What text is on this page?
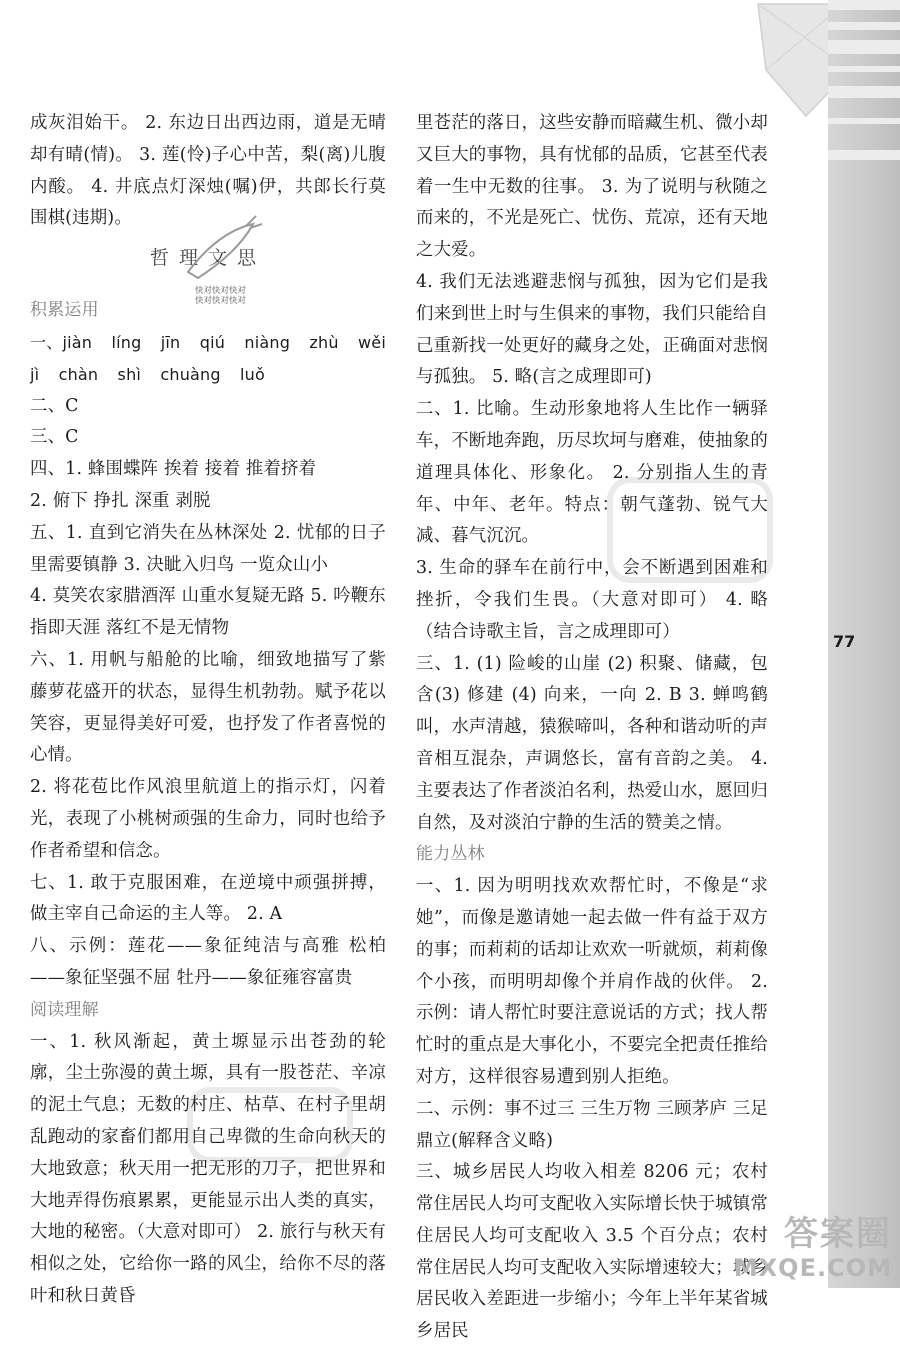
77

成灰泪始干。 2. 东边日出西边雨，道是无晴却有晴(情)。 3. 莲(怜)子心中苦，梨(离)儿腹内酸。 4. 井底点灯深烛(嘱)伊，共郎长行莫围棋(违期)。

哲理文思
积累运用

一、jiàn líng jīn qiú niàng zhù wěi jì chàn shì chuàng luǒ

二、C

三、C

四、1. 蜂围蝶阵 挨着 接着 推着挤着

2. 俯下 挣扎 深重 剥脱

五、1. 直到它消失在丛林深处 2. 忧郁的日子里需要镇静 3. 决眦入归鸟 一览众山小

4. 莫笑农家腊酒浑 山重水复疑无路 5. 吟鞭东指即天涯 落红不是无情物

六、1. 用帆与船舱的比喻，细致地描写了紫藤萝花盛开的状态，显得生机勃勃。赋予花以笑容，更显得美好可爱，也抒发了作者喜悦的心情。

2. 将花苞比作风浪里航道上的指示灯，闪着光，表现了小桃树顽强的生命力，同时也给予作者希望和信念。

七、1. 敢于克服困难，在逆境中顽强拼搏，做主宰自己命运的主人等。 2. A

八、示例：莲花——象征纯洁与高雅 松柏——象征坚强不屈 牡丹——象征雍容富贵

阅读理解

一、1. 秋风渐起，黄土塬显示出苍劲的轮廓，尘土弥漫的黄土塬，具有一股苍茫、辛凉的泥土气息；无数的村庄、枯草、在村子里胡乱跑动的家畜们都用自己卑微的生命向秋天的大地致意；秋天用一把无形的刀子，把世界和大地弄得伤痕累累，更能显示出人类的真实，大地的秘密。（大意对即可） 2. 旅行与秋天有相似之处，它给你一路的风尘，给你不尽的落叶和秋日黄昏

快对快对快对
快对快对快对

里苍茫的落日，这些安静而暗藏生机、微小却又巨大的事物，具有忧郁的品质，它甚至代表着一生中无数的往事。 3. 为了说明与秋随之而来的，不光是死亡、忧伤、荒凉，还有天地之大爱。

4. 我们无法逃避悲悯与孤独，因为它们是我们来到世上时与生俱来的事物，我们只能给自己重新找一处更好的藏身之处，正确面对悲悯与孤独。 5. 略(言之成理即可)

二、1. 比喻。生动形象地将人生比作一辆驿车，不断地奔跑，历尽坎坷与磨难，使抽象的道理具体化、形象化。 2. 分别指人生的青年、中年、老年。特点：朝气蓬勃、锐气大减、暮气沉沉。

3. 生命的驿车在前行中，会不断遇到困难和挫折，令我们生畏。（大意对即可） 4. 略（结合诗歌主旨，言之成理即可）

三、1. (1) 险峻的山崖 (2) 积聚、储藏，包含(3) 修建 (4) 向来，一向 2. B 3. 蝉鸣鹤叫，水声清越，猿猴啼叫，各种和谐动听的声音相互混杂，声调悠长，富有音韵之美。 4. 主要表达了作者淡泊名利，热爱山水，愿回归自然，及对淡泊宁静的生活的赞美之情。

能力丛林

一、1. 因为明明找欢欢帮忙时，不像是“求她”，而像是邀请她一起去做一件有益于双方的事；而莉莉的话却让欢欢一听就烦，莉莉像个小孩，而明明却像个并肩作战的伙伴。 2. 示例：请人帮忙时要注意说话的方式；找人帮忙时的重点是大事化小，不要完全把责任推给对方，这样很容易遭到别人拒绝。

二、示例：事不过三 三生万物 三顾茅庐 三足鼎立(解释含义略)

三、城乡居民人均收入相差 8206 元；农村常住居民人均可支配收入实际增长快于城镇常住居民人均可支配收入 3.5 个百分点；农村常住居民人均可支配收入实际增速较大；城乡居民收入差距进一步缩小；今年上半年某省城乡居民

答案圈
MXQE.COM
